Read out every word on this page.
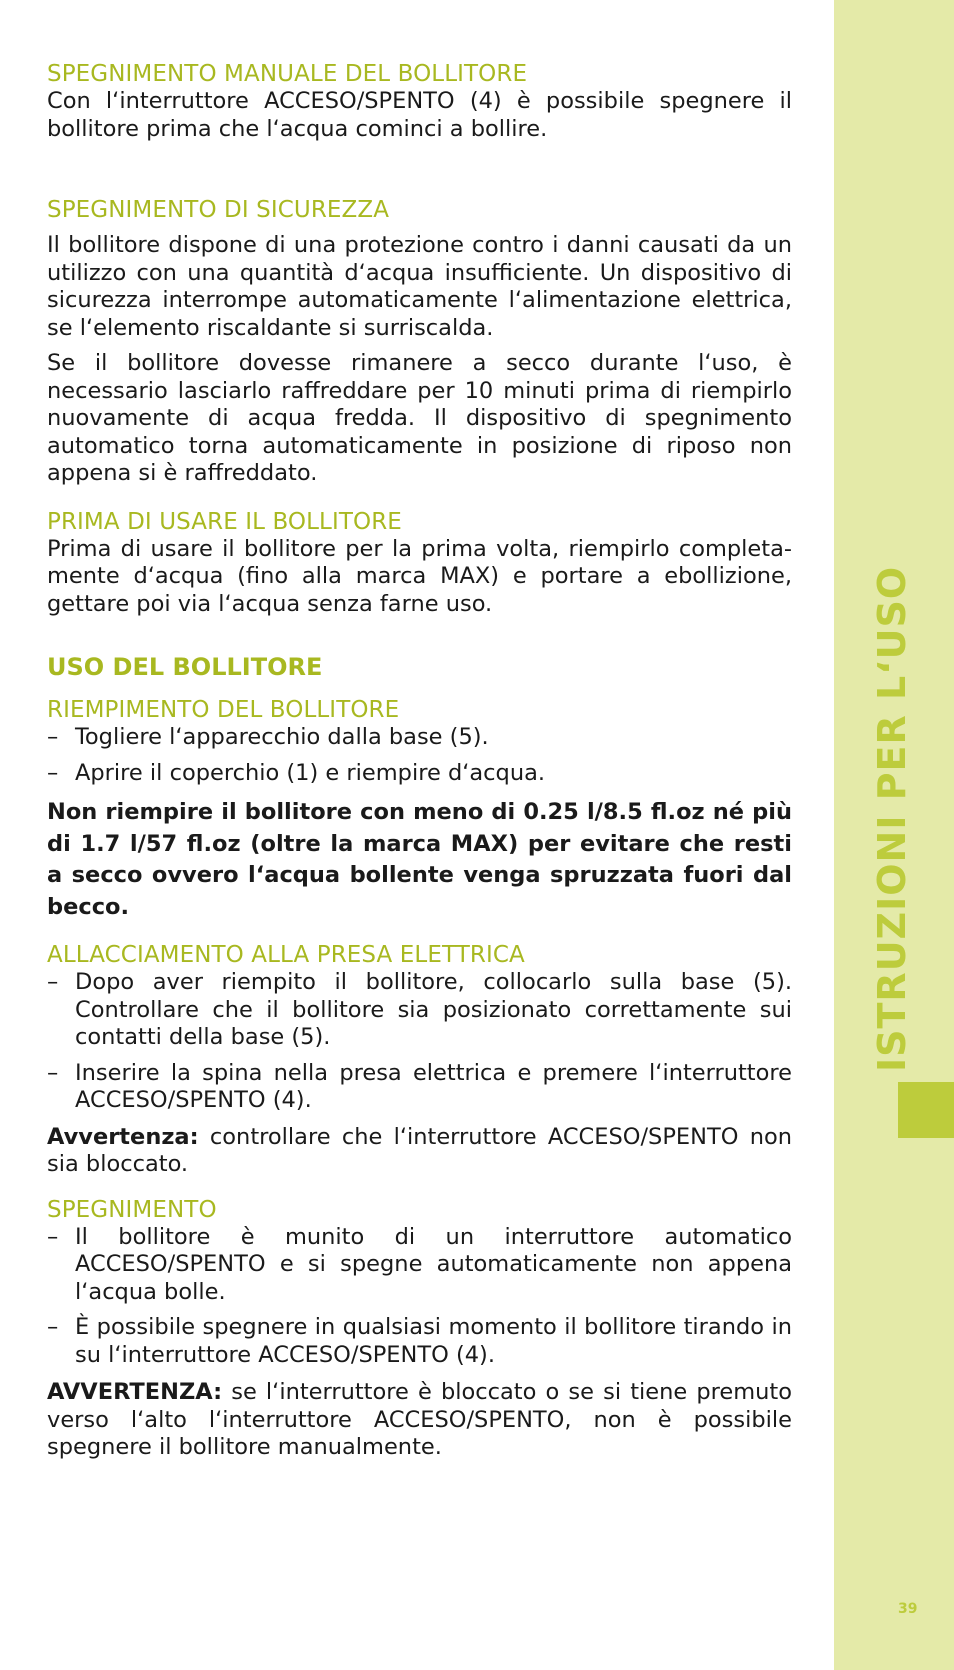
ISTRUZIONI PER L‘USO
39
SPEGNIMENTO MANUALE DEL BOLLITORE

Con l‘interruttore ACCESO/SPENTO (4) è possibile spegnere il bollitore prima che l‘acqua cominci a bollire.

SPEGNIMENTO DI SICUREZZA

Il bollitore dispone di una protezione contro i danni causati da un utilizzo con una quantità d‘acqua insufficiente. Un dispositivo di sicurezza interrompe automaticamente l‘alimentazione elettrica, se l‘elemento riscaldante si surriscalda.

Se il bollitore dovesse rimanere a secco durante l‘uso, è necessario lasciarlo raffreddare per 10 minuti prima di riempirlo nuovamente di acqua fredda. Il dispositivo di spegnimento automatico torna automaticamente in posizione di riposo non appena si è raffreddato.

PRIMA DI USARE IL BOLLITORE

Prima di usare il bollitore per la prima volta, riempirlo completa- mente d‘acqua (fino alla marca MAX) e portare a ebollizione, gettare poi via l‘acqua senza farne uso.

USO DEL BOLLITORE
RIEMPIMENTO DEL BOLLITORE
– Togliere l‘apparecchio dalla base (5).
– Aprire il coperchio (1) e riempire d‘acqua.

Non riempire il bollitore con meno di 0.25 l/8.5 fl.oz né più di 1.7 l/57 fl.oz (oltre la marca MAX) per evitare che resti a secco ovvero l‘acqua bollente venga spruzzata fuori dal becco.

ALLACCIAMENTO ALLA PRESA ELETTRICA
– Dopo aver riempito il bollitore, collocarlo sulla base (5). Controllare che il bollitore sia posizionato correttamente sui contatti della base (5).
– Inserire la spina nella presa elettrica e premere l‘interruttore ACCESO/SPENTO (4).

Avvertenza: controllare che l‘interruttore ACCESO/SPENTO non sia bloccato.

SPEGNIMENTO
– Il bollitore è munito di un interruttore automatico ACCESO/SPENTO e si spegne automaticamente non appena l‘acqua bolle.
– È possibile spegnere in qualsiasi momento il bollitore tirando in su l‘interruttore ACCESO/SPENTO (4).

AVVERTENZA: se l‘interruttore è bloccato o se si tiene premuto verso l‘alto l‘interruttore ACCESO/SPENTO, non è possibile spegnere il bollitore manualmente.
